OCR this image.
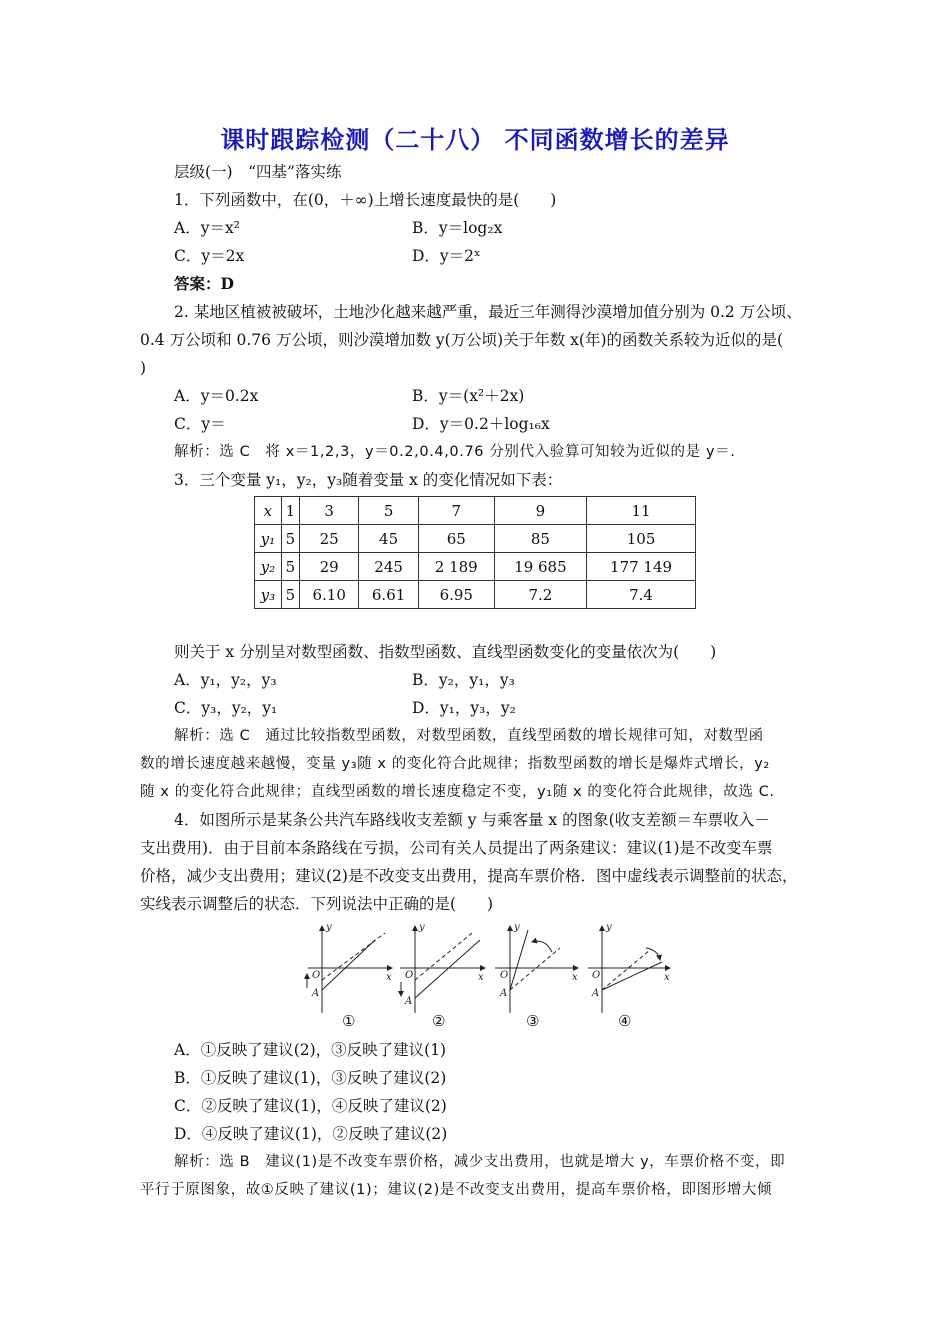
课时跟踪检测（二十八） 不同函数增长的差异
层级(一)　“四基”落实练
1．下列函数中，在(0，＋∞)上增长速度最快的是(　　)
A．y＝x²	B．y＝log₂x
C．y＝2x	D．y＝2ˣ
答案：D
2. 某地区植被被破坏，土地沙化越来越严重，最近三年测得沙漠增加值分别为 0.2 万公顷、
0.4 万公顷和 0.76 万公顷，则沙漠增加数 y(万公顷)关于年数 x(年)的函数关系较为近似的是(
)
A．y＝0.2x	B．y＝(x²＋2x)
C．y＝	D．y＝0.2＋log₁₆x
解析：选 C　将 x＝1,2,3，y＝0.2,0.4,0.76 分别代入验算可知较为近似的是 y＝.
3．三个变量 y₁，y₂，y₃随着变量 x 的变化情况如下表：
x	1	3	5	7	9	11
y₁	5	25	45	65	85	105
y₂	5	29	245	2 189	19 685	177 149
y₃	5	6.10	6.61	6.95	7.2	7.4
则关于 x 分别呈对数型函数、指数型函数、直线型函数变化的变量依次为(　　)
A．y₁，y₂，y₃	B．y₂，y₁，y₃
C．y₃，y₂，y₁	D．y₁，y₃，y₂
解析：选 C　通过比较指数型函数，对数型函数，直线型函数的增长规律可知，对数型函
数的增长速度越来越慢，变量 y₃随 x 的变化符合此规律；指数型函数的增长是爆炸式增长，y₂
随 x 的变化符合此规律；直线型函数的增长速度稳定不变，y₁随 x 的变化符合此规律，故选 C.
4．如图所示是某条公共汽车路线收支差额 y 与乘客量 x 的图象(收支差额＝车票收入－
支出费用)．由于目前本条路线在亏损，公司有关人员提出了两条建议：建议(1)是不改变车票
价格，减少支出费用；建议(2)是不改变支出费用，提高车票价格．图中虚线表示调整前的状态，
实线表示调整后的状态．下列说法中正确的是(　　)
y
x
O
A
y
x
O
A
y
x
O
A
y
x
O
A
①	②	③	④
A．①反映了建议(2)，③反映了建议(1)
B．①反映了建议(1)，③反映了建议(2)
C．②反映了建议(1)，④反映了建议(2)
D．④反映了建议(1)，②反映了建议(2)
解析：选 B　建议(1)是不改变车票价格，减少支出费用，也就是增大 y，车票价格不变，即
平行于原图象，故①反映了建议(1)；建议(2)是不改变支出费用，提高车票价格，即图形增大倾
